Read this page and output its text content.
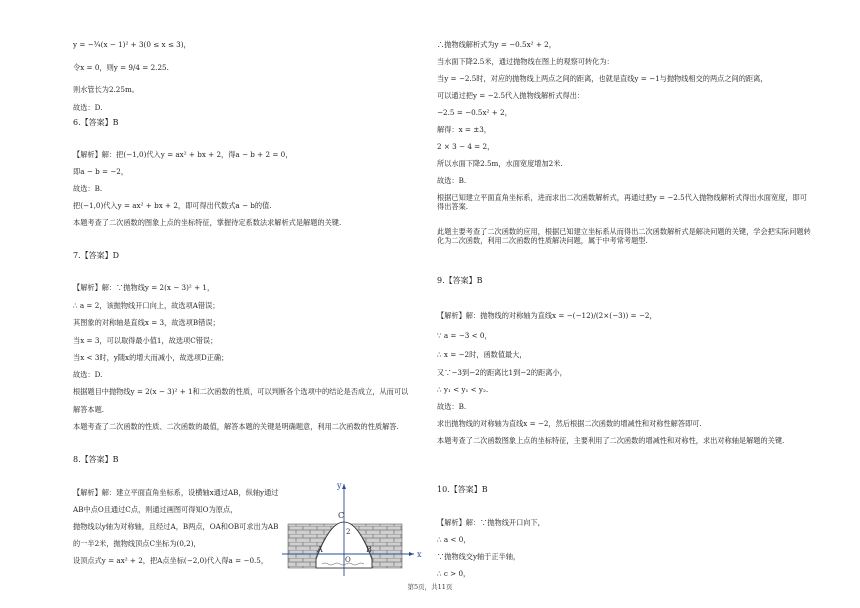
y = −¾(x − 1)² + 3(0 ≤ x ≤ 3)，
令x = 0，则y = 9/4 = 2.25.
则水管长为2.25m。
故选：D.
6.【答案】B
【解析】解：把(−1,0)代入y = ax² + bx + 2，得a − b + 2 = 0，
即a − b = −2，
故选：B.
把(−1,0)代入y = ax² + bx + 2，即可得出代数式a − b的值.
本题考查了二次函数的图象上点的坐标特征，掌握待定系数法求解析式是解题的关键.
7.【答案】D
【解析】解：∵抛物线y = 2(x − 3)² + 1，
∴ a = 2，该抛物线开口向上，故选项A错误；
其图象的对称轴是直线x = 3，故选项B错误；
当x = 3，可以取得最小值1，故选项C错误；
当x < 3时，y随x的增大而减小，故选项D正确；
故选：D.
根据题目中抛物线y = 2(x − 3)² + 1和二次函数的性质，可以判断各个选项中的结论是否成立，从而可以
解答本题.
本题考查了二次函数的性质、二次函数的最值，解答本题的关键是明确题意，利用二次函数的性质解答.
8.【答案】B
【解析】解：建立平面直角坐标系，设横轴x通过AB，纵轴y通过
AB中点O且通过C点，则通过画图可得知O为原点，
抛物线以y轴为对称轴，且经过A，B两点，OA和OB可求出为AB
的一半2米，抛物线顶点C坐标为(0,2)，
设顶点式y = ax² + 2，把A点坐标(−2,0)代入得a = −0.5，
∴抛物线解析式为y = −0.5x² + 2，
当水面下降2.5米，通过抛物线在图上的观察可转化为：
当y = −2.5时，对应的抛物线上两点之间的距离，也就是直线y = −1与抛物线相交的两点之间的距离，
可以通过把y = −2.5代入抛物线解析式得出：
−2.5 = −0.5x² + 2，
解得：x = ±3，
2 × 3 − 4 = 2，
所以水面下降2.5m，水面宽度增加2米.
故选：B.
根据已知建立平面直角坐标系，进而求出二次函数解析式，再通过把y = −2.5代入抛物线解析式得出水面宽度，即可得出答案.
此题主要考查了二次函数的应用，根据已知建立坐标系从而得出二次函数解析式是解决问题的关键，学会把实际问题转化为二次函数，利用二次函数的性质解决问题，属于中考常考题型.
9.【答案】B
【解析】解：抛物线的对称轴为直线x = −(−12)/(2×(−3)) = −2，
∵ a = −3 < 0，
∴ x = −2时，函数值最大，
又∵−3到−2的距离比1到−2的距离小，
∴ y₁ < y₁ < y₂.
故选：B.
求出抛物线的对称轴为直线x = −2，然后根据二次函数的增减性和对称性解答即可.
本题考查了二次函数图象上点的坐标特征，主要利用了二次函数的增减性和对称性，求出对称轴是解题的关键.
10.【答案】B
【解析】解：∵抛物线开口向下，
∴ a < 0，
∵抛物线交y轴于正半轴，
∴ c > 0，
x
y
C
O
A	B
2
第5页，共11页
